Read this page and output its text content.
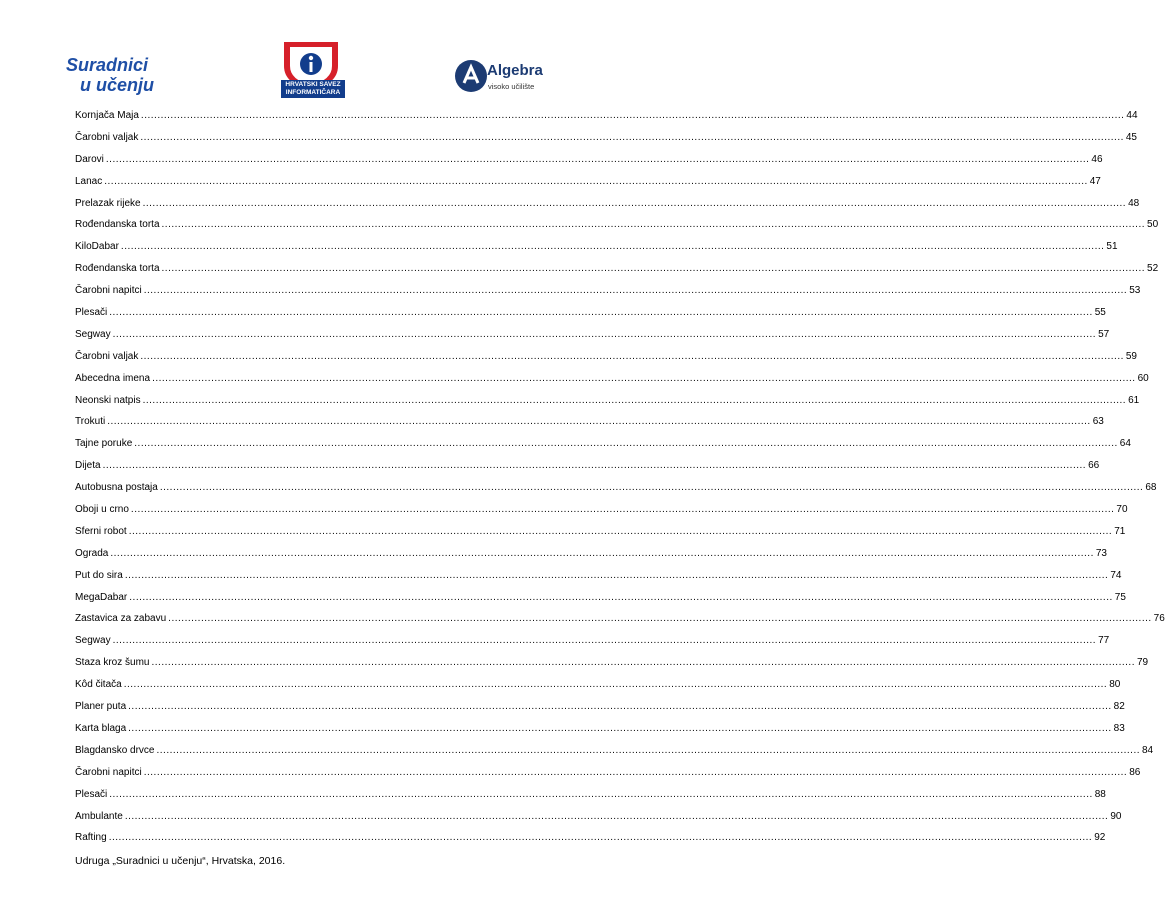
Suradnici
u učenju	HRVATSKI SAVEZ
INFORMATIČARA
Algebra
visoko učilište
Kornjača Maja ............................................................................................................................................................................................................................................................................................................ 44
Čarobni valjak ............................................................................................................................................................................................................................................................................................................ 45
Darovi ............................................................................................................................................................................................................................................................................................................ 46
Lanac ............................................................................................................................................................................................................................................................................................................ 47
Prelazak rijeke ............................................................................................................................................................................................................................................................................................................ 48
Rođendanska torta ............................................................................................................................................................................................................................................................................................................ 50
KiloDabar ............................................................................................................................................................................................................................................................................................................ 51
Rođendanska torta ............................................................................................................................................................................................................................................................................................................ 52
Čarobni napitci ............................................................................................................................................................................................................................................................................................................ 53
Plesači ............................................................................................................................................................................................................................................................................................................ 55
Segway ............................................................................................................................................................................................................................................................................................................ 57
Čarobni valjak ............................................................................................................................................................................................................................................................................................................ 59
Abecedna imena ............................................................................................................................................................................................................................................................................................................ 60
Neonski natpis ............................................................................................................................................................................................................................................................................................................ 61
Trokuti ............................................................................................................................................................................................................................................................................................................ 63
Tajne poruke ............................................................................................................................................................................................................................................................................................................ 64
Dijeta ............................................................................................................................................................................................................................................................................................................ 66
Autobusna postaja ............................................................................................................................................................................................................................................................................................................ 68
Oboji u crno ............................................................................................................................................................................................................................................................................................................ 70
Sferni robot ............................................................................................................................................................................................................................................................................................................ 71
Ograda ............................................................................................................................................................................................................................................................................................................ 73
Put do sira ............................................................................................................................................................................................................................................................................................................ 74
MegaDabar ............................................................................................................................................................................................................................................................................................................ 75
Zastavica za zabavu ............................................................................................................................................................................................................................................................................................................ 76
Segway ............................................................................................................................................................................................................................................................................................................ 77
Staza kroz šumu ............................................................................................................................................................................................................................................................................................................ 79
Kôd čitača ............................................................................................................................................................................................................................................................................................................ 80
Planer puta ............................................................................................................................................................................................................................................................................................................ 82
Karta blaga ............................................................................................................................................................................................................................................................................................................ 83
Blagdansko drvce ............................................................................................................................................................................................................................................................................................................ 84
Čarobni napitci ............................................................................................................................................................................................................................................................................................................ 86
Plesači ............................................................................................................................................................................................................................................................................................................ 88
Ambulante ............................................................................................................................................................................................................................................................................................................ 90
Rafting ............................................................................................................................................................................................................................................................................................................ 92
Udruga „Suradnici u učenju“, Hrvatska, 2016.
